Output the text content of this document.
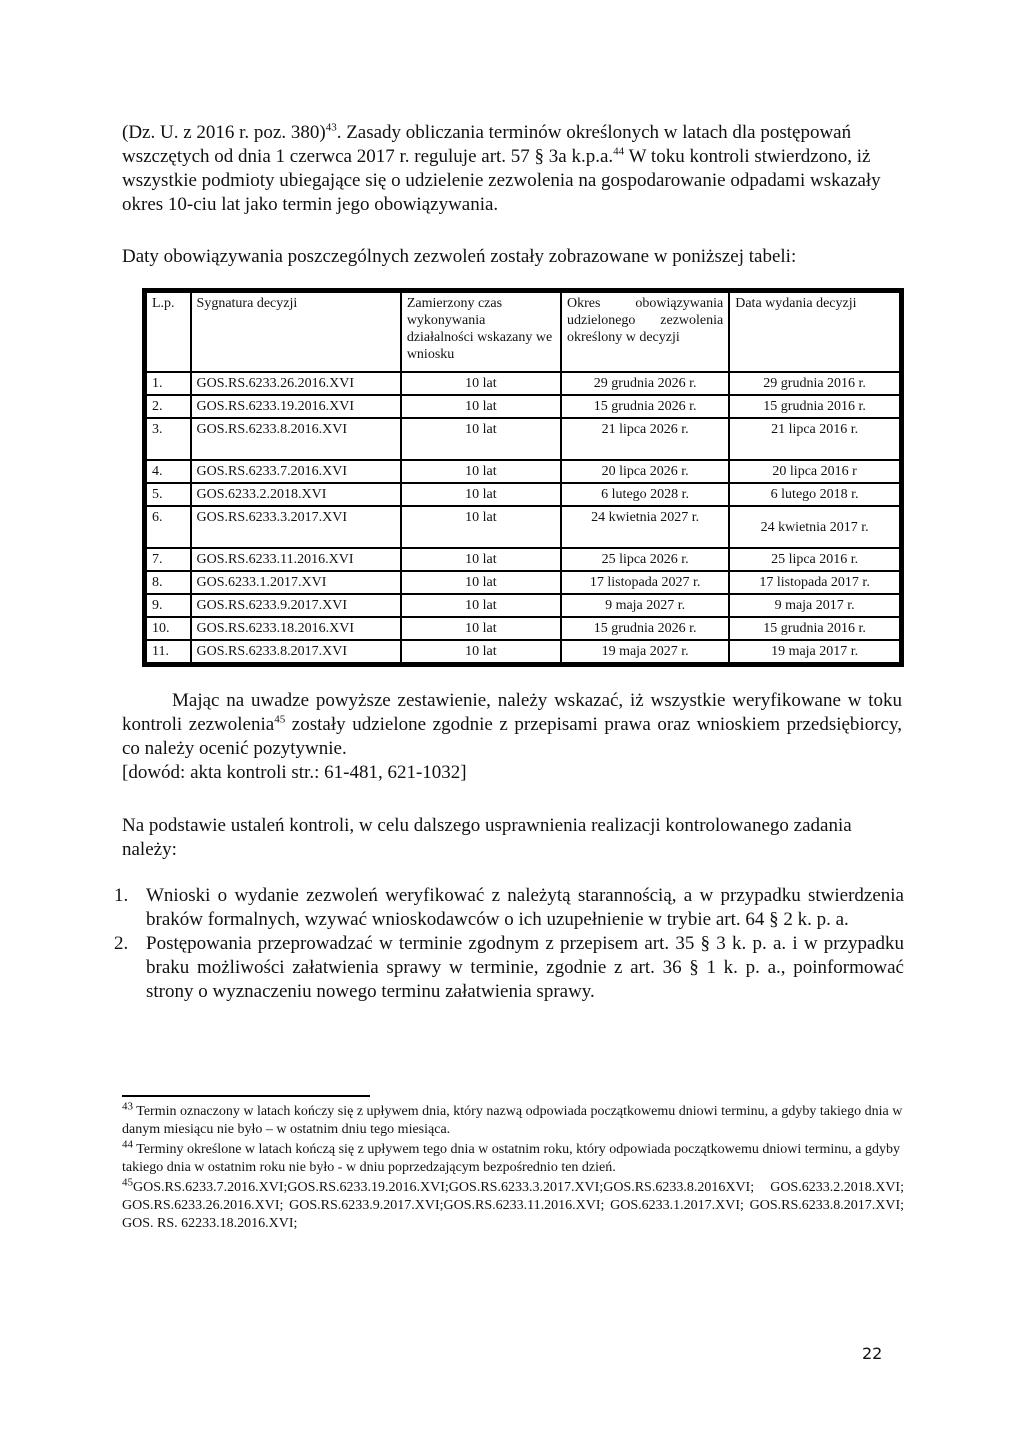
(Dz. U. z 2016 r. poz. 380)$^{43}$. Zasady obliczania terminów określonych w latach dla postępowań wszczętych od dnia 1 czerwca 2017 r. reguluje art. 57 § 3a k.p.a.$^{44}$ W toku kontroli stwierdzono, iż wszystkie podmioty ubiegające się o udzielenie zezwolenia na gospodarowanie odpadami wskazały okres 10-ciu lat jako termin jego obowiązywania.

Daty obowiązywania poszczególnych zezwoleń zostały zobrazowane w poniższej tabeli:

L.p.	Sygnatura decyzji	Zamierzony czas wykonywania działalności wskazany we wniosku	Okres obowiązywania udzielonego zezwolenia określony w decyzji	Data wydania decyzji
1.	GOS.RS.6233.26.2016.XVI	10 lat	29 grudnia 2026 r.	29 grudnia 2016 r.
2.	GOS.RS.6233.19.2016.XVI	10 lat	15 grudnia 2026 r.	15 grudnia 2016 r.
3.	GOS.RS.6233.8.2016.XVI	10 lat	21 lipca 2026 r.	21 lipca 2016 r.
4.	GOS.RS.6233.7.2016.XVI	10 lat	20 lipca 2026 r.	20 lipca 2016 r
5.	GOS.6233.2.2018.XVI	10 lat	6 lutego 2028 r.	6 lutego 2018 r.
6.	GOS.RS.6233.3.2017.XVI	10 lat	24 kwietnia 2027 r.	24 kwietnia 2017 r.
7.	GOS.RS.6233.11.2016.XVI	10 lat	25 lipca 2026 r.	25 lipca 2016 r.
8.	GOS.6233.1.2017.XVI	10 lat	17 listopada 2027 r.	17 listopada 2017 r.
9.	GOS.RS.6233.9.2017.XVI	10 lat	9 maja 2027 r.	9 maja 2017 r.
10.	GOS.RS.6233.18.2016.XVI	10 lat	15 grudnia 2026 r.	15 grudnia 2016 r.
11.	GOS.RS.6233.8.2017.XVI	10 lat	19 maja 2027 r.	19 maja 2017 r.

Mając na uwadze powyższe zestawienie, należy wskazać, iż wszystkie weryfikowane w toku kontroli zezwolenia$^{45}$ zostały udzielone zgodnie z przepisami prawa oraz wnioskiem przedsiębiorcy, co należy ocenić pozytywnie.
[dowód: akta kontroli str.: 61-481, 621-1032]

Na podstawie ustaleń kontroli, w celu dalszego usprawnienia realizacji kontrolowanego zadania należy:

1. Wnioski o wydanie zezwoleń weryfikować z należytą starannością, a w przypadku stwierdzenia braków formalnych, wzywać wnioskodawców o ich uzupełnienie w trybie art. 64 § 2 k. p. a.
2. Postępowania przeprowadzać w terminie zgodnym z przepisem art. 35 § 3 k. p. a. i w przypadku braku możliwości załatwienia sprawy w terminie, zgodnie z art. 36 § 1 k. p. a., poinformować strony o wyznaczeniu nowego terminu załatwienia sprawy.

$^{43}$ Termin oznaczony w latach kończy się z upływem dnia, który nazwą odpowiada początkowemu dniowi terminu, a gdyby takiego dnia w danym miesiącu nie było – w ostatnim dniu tego miesiąca.

$^{44}$ Terminy określone w latach kończą się z upływem tego dnia w ostatnim roku, który odpowiada początkowemu dniowi terminu, a gdyby takiego dnia w ostatnim roku nie było - w dniu poprzedzającym bezpośrednio ten dzień.

$^{45}$GOS.RS.6233.7.2016.XVI;GOS.RS.6233.19.2016.XVI;GOS.RS.6233.3.2017.XVI;GOS.RS.6233.8.2016XVI; GOS.6233.2.2018.XVI; GOS.RS.6233.26.2016.XVI; GOS.RS.6233.9.2017.XVI;GOS.RS.6233.11.2016.XVI; GOS.6233.1.2017.XVI; GOS.RS.6233.8.2017.XVI; GOS. RS. 62233.18.2016.XVI;

22
